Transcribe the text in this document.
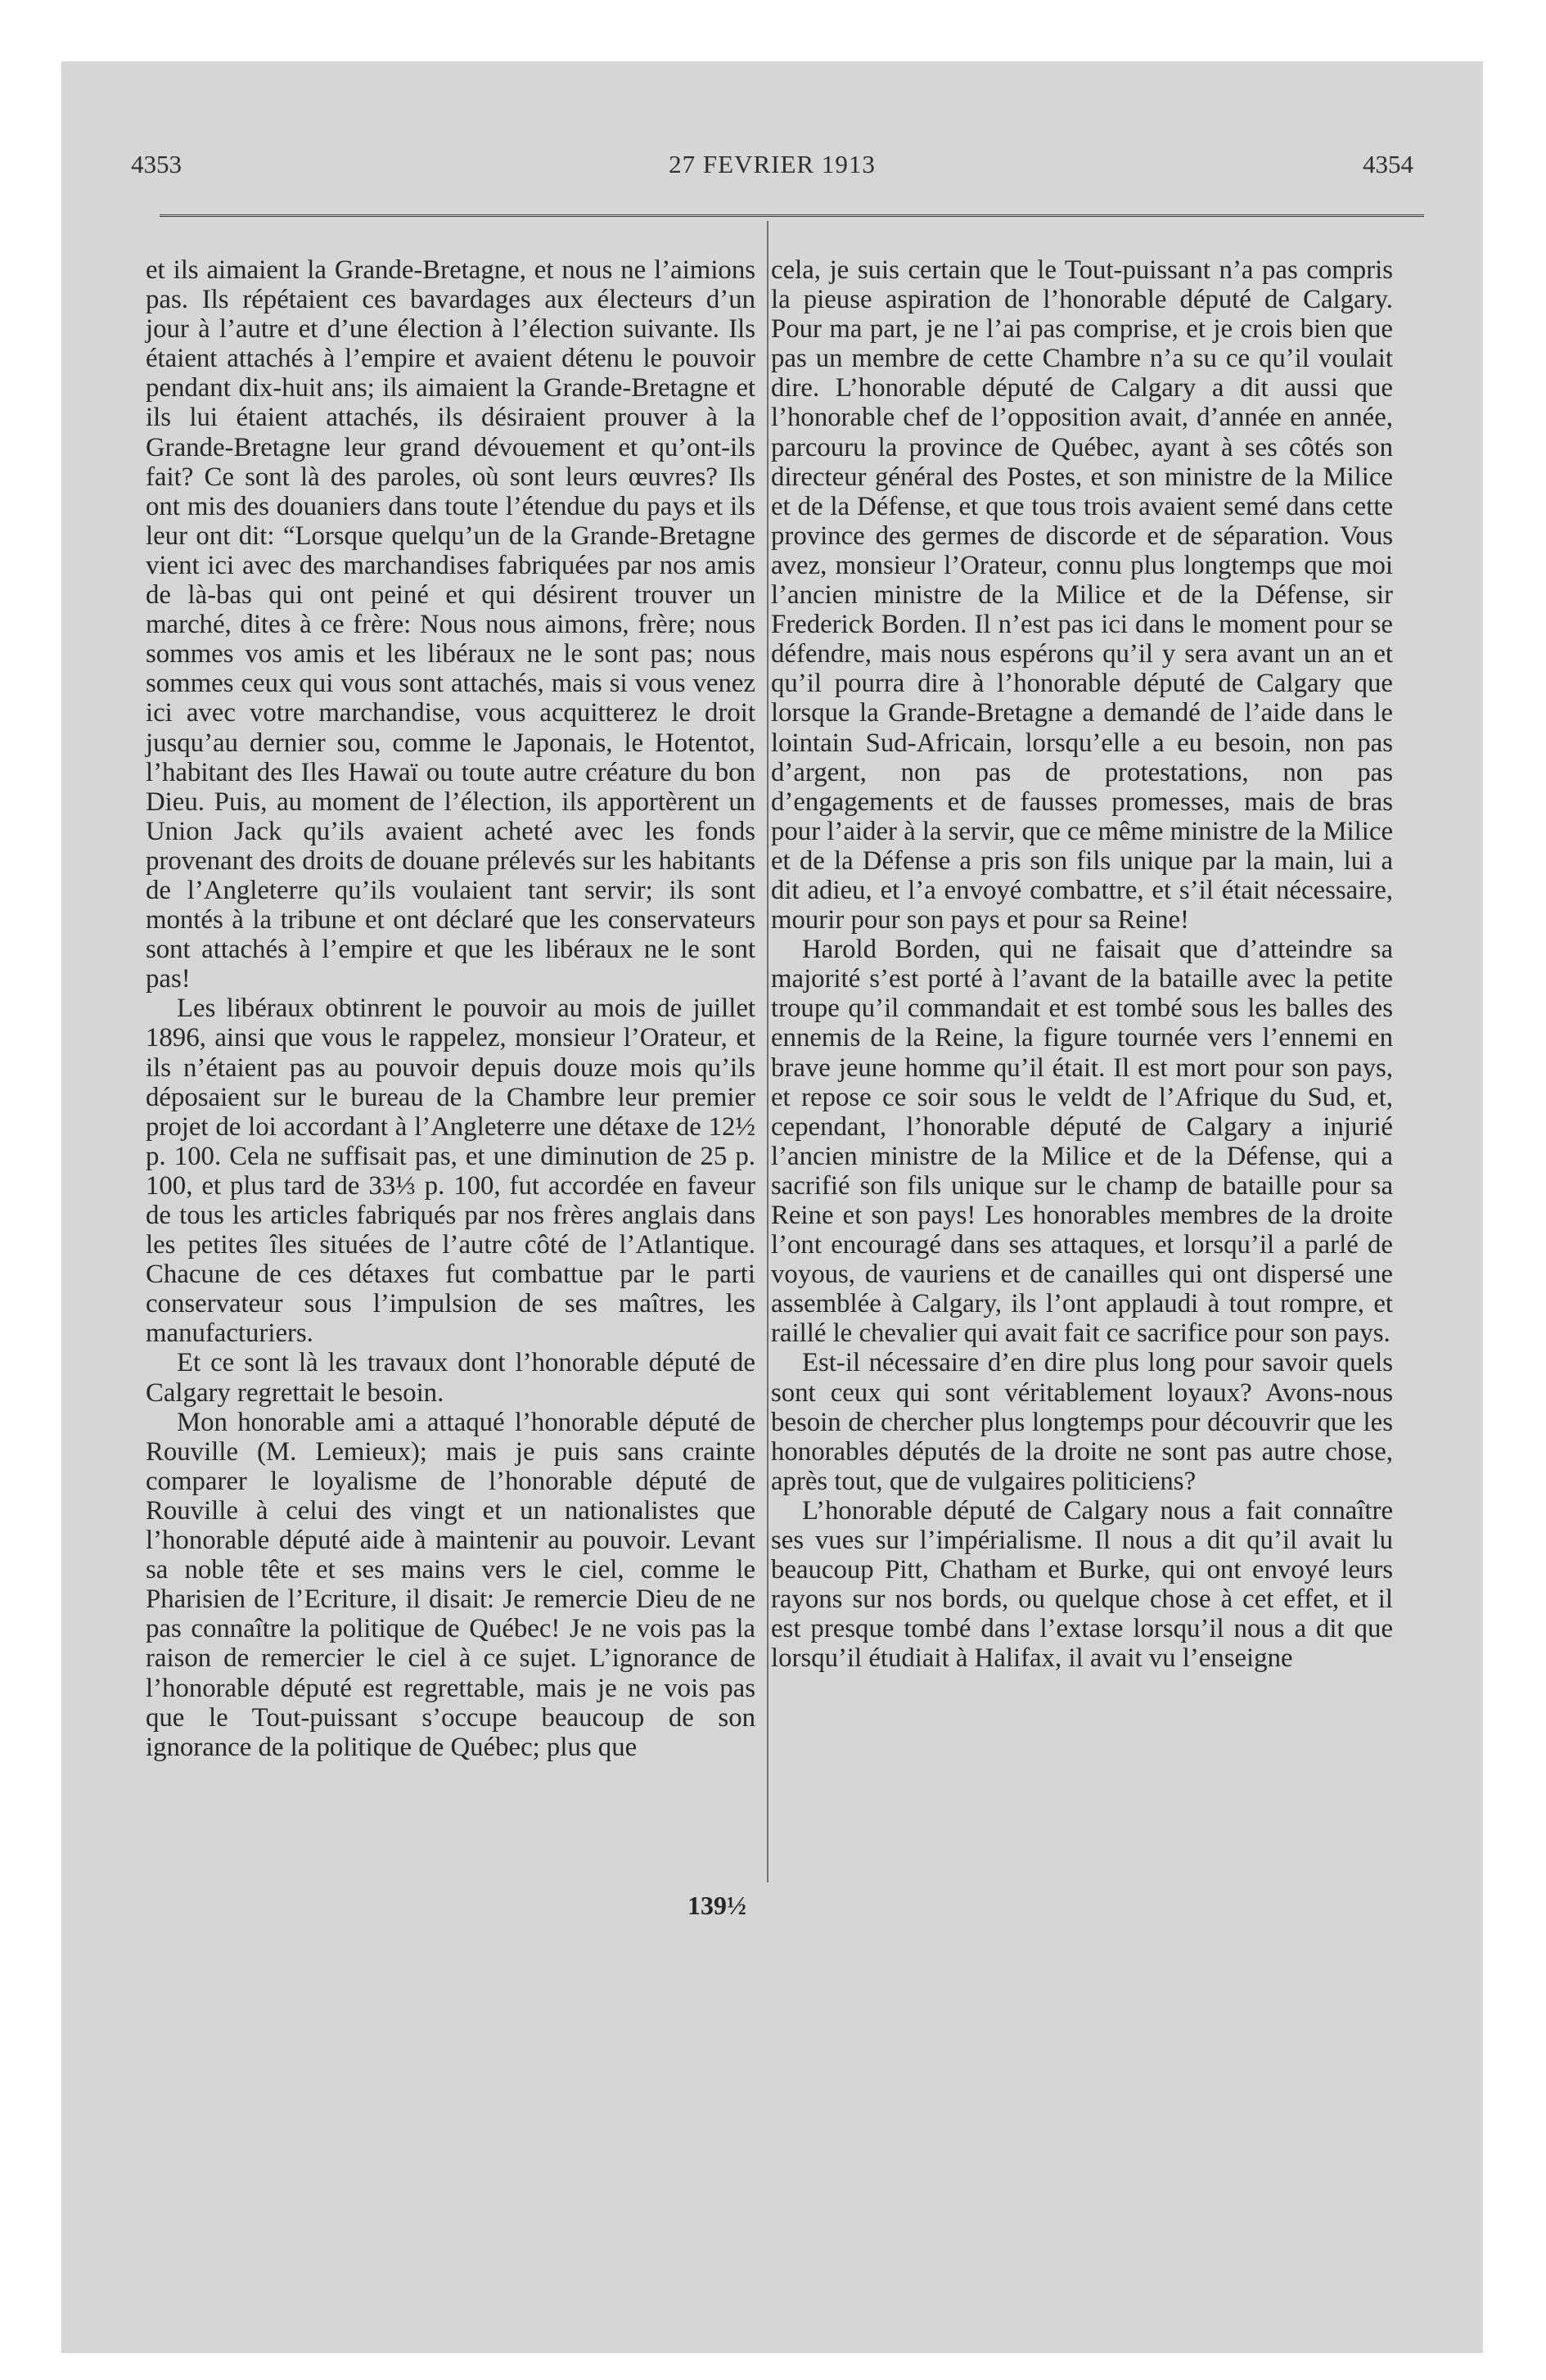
4353	27 FEVRIER 1913	4354

et ils aimaient la Grande-Bretagne, et nous ne l’aimions pas. Ils répétaient ces bavardages aux électeurs d’un jour à l’autre et d’une élection à l’élection suivante. Ils étaient attachés à l’empire et avaient détenu le pouvoir pendant dix-huit ans; ils aimaient la Grande-Bretagne et ils lui étaient attachés, ils désiraient prouver à la Grande-Bretagne leur grand dévouement et qu’ont-ils fait? Ce sont là des paroles, où sont leurs œuvres? Ils ont mis des douaniers dans toute l’étendue du pays et ils leur ont dit: “Lorsque quelqu’un de la Grande-Bretagne vient ici avec des marchandises fabriquées par nos amis de là-bas qui ont peiné et qui désirent trouver un marché, dites à ce frère: Nous nous aimons, frère; nous sommes vos amis et les libéraux ne le sont pas; nous sommes ceux qui vous sont attachés, mais si vous venez ici avec votre marchandise, vous acquitterez le droit jusqu’au dernier sou, comme le Japonais, le Hotentot, l’habitant des Iles Hawaï ou toute autre créature du bon Dieu. Puis, au moment de l’élection, ils apportèrent un Union Jack qu’ils avaient acheté avec les fonds provenant des droits de douane prélevés sur les habitants de l’Angleterre qu’ils voulaient tant servir; ils sont montés à la tribune et ont déclaré que les conservateurs sont attachés à l’empire et que les libéraux ne le sont pas!

Les libéraux obtinrent le pouvoir au mois de juillet 1896, ainsi que vous le rappelez, monsieur l’Orateur, et ils n’étaient pas au pouvoir depuis douze mois qu’ils déposaient sur le bureau de la Chambre leur premier projet de loi accordant à l’Angleterre une détaxe de 12½ p. 100. Cela ne suffisait pas, et une diminution de 25 p. 100, et plus tard de 33⅓ p. 100, fut accordée en faveur de tous les articles fabriqués par nos frères anglais dans les petites îles situées de l’autre côté de l’Atlantique. Chacune de ces détaxes fut combattue par le parti conservateur sous l’impulsion de ses maîtres, les manufacturiers.

Et ce sont là les travaux dont l’honorable député de Calgary regrettait le besoin.

Mon honorable ami a attaqué l’honorable député de Rouville (M. Lemieux); mais je puis sans crainte comparer le loyalisme de l’honorable député de Rouville à celui des vingt et un nationalistes que l’honorable député aide à maintenir au pouvoir. Levant sa noble tête et ses mains vers le ciel, comme le Pharisien de l’Ecriture, il disait: Je remercie Dieu de ne pas connaître la politique de Québec! Je ne vois pas la raison de remercier le ciel à ce sujet. L’ignorance de l’honorable député est regrettable, mais je ne vois pas que le Tout-puissant s’occupe beaucoup de son ignorance de la politique de Québec; plus que

cela, je suis certain que le Tout-puissant n’a pas compris la pieuse aspiration de l’honorable député de Calgary. Pour ma part, je ne l’ai pas comprise, et je crois bien que pas un membre de cette Chambre n’a su ce qu’il voulait dire. L’honorable député de Calgary a dit aussi que l’honorable chef de l’opposition avait, d’année en année, parcouru la province de Québec, ayant à ses côtés son directeur général des Postes, et son ministre de la Milice et de la Défense, et que tous trois avaient semé dans cette province des germes de discorde et de séparation. Vous avez, monsieur l’Orateur, connu plus longtemps que moi l’ancien ministre de la Milice et de la Défense, sir Frederick Borden. Il n’est pas ici dans le moment pour se défendre, mais nous espérons qu’il y sera avant un an et qu’il pourra dire à l’honorable député de Calgary que lorsque la Grande-Bretagne a demandé de l’aide dans le lointain Sud-Africain, lorsqu’elle a eu besoin, non pas d’argent, non pas de protestations, non pas d’engagements et de fausses promesses, mais de bras pour l’aider à la servir, que ce même ministre de la Milice et de la Défense a pris son fils unique par la main, lui a dit adieu, et l’a envoyé combattre, et s’il était nécessaire, mourir pour son pays et pour sa Reine!

Harold Borden, qui ne faisait que d’atteindre sa majorité s’est porté à l’avant de la bataille avec la petite troupe qu’il commandait et est tombé sous les balles des ennemis de la Reine, la figure tournée vers l’ennemi en brave jeune homme qu’il était. Il est mort pour son pays, et repose ce soir sous le veldt de l’Afrique du Sud, et, cependant, l’honorable député de Calgary a injurié l’ancien ministre de la Milice et de la Défense, qui a sacrifié son fils unique sur le champ de bataille pour sa Reine et son pays! Les honorables membres de la droite l’ont encouragé dans ses attaques, et lorsqu’il a parlé de voyous, de vauriens et de canailles qui ont dispersé une assemblée à Calgary, ils l’ont applaudi à tout rompre, et raillé le chevalier qui avait fait ce sacrifice pour son pays.

Est-il nécessaire d’en dire plus long pour savoir quels sont ceux qui sont véritablement loyaux? Avons-nous besoin de chercher plus longtemps pour découvrir que les honorables députés de la droite ne sont pas autre chose, après tout, que de vulgaires politiciens?

L’honorable député de Calgary nous a fait connaître ses vues sur l’impérialisme. Il nous a dit qu’il avait lu beaucoup Pitt, Chatham et Burke, qui ont envoyé leurs rayons sur nos bords, ou quelque chose à cet effet, et il est presque tombé dans l’extase lorsqu’il nous a dit que lorsqu’il étudiait à Halifax, il avait vu l’enseigne

139½
